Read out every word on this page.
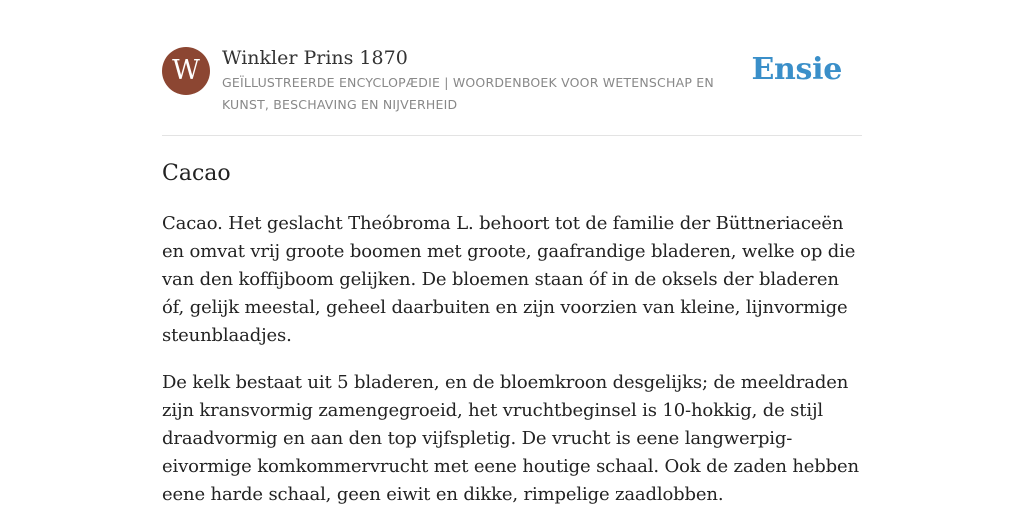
W	Winkler Prins 1870
GEÏLLUSTREERDE ENCYCLOPÆDIE | WOORDENBOEK VOOR WETENSCHAP EN KUNST, BESCHAVING EN NIJVERHEID
Ensie
Cacao

Cacao. Het geslacht Theóbroma L. behoort tot de familie der Büttneriaceën en omvat vrij groote boomen met groote, gaafrandige bladeren, welke op die van den koffijboom gelijken. De bloemen staan óf in de oksels der bladeren óf, gelijk meestal, geheel daarbuiten en zijn voorzien van kleine, lijnvormige steunblaadjes.

De kelk bestaat uit 5 bladeren, en de bloemkroon desgelijks; de meeldraden zijn kransvormig zamengegroeid, het vruchtbeginsel is 10-hokkig, de stijl draadvormig en aan den top vijfspletig. De vrucht is eene langwerpig- eivormige komkommervrucht met eene houtige schaal. Ook de zaden hebben eene harde schaal, geen eiwit en dikke, rimpelige zaadlobben.
